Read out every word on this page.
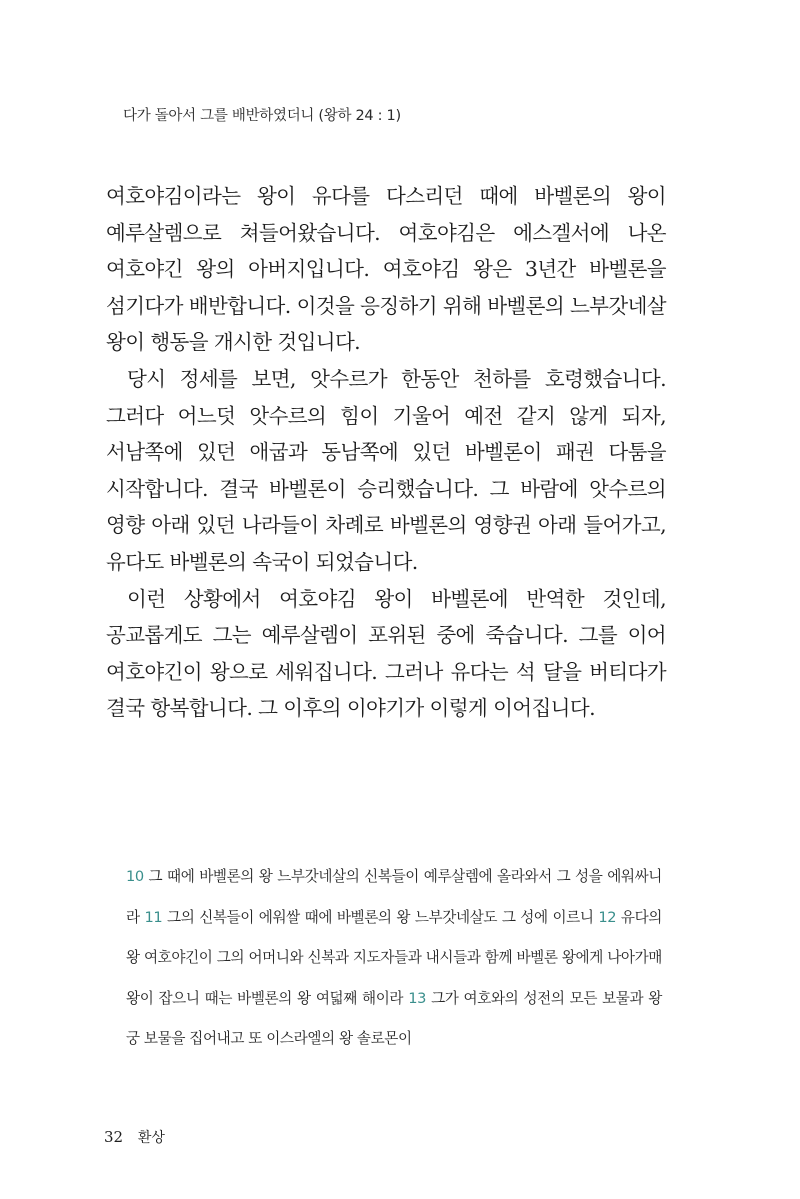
다가 돌아서 그를 배반하였더니 (왕하 24 : 1)

여호야김이라는 왕이 유다를 다스리던 때에 바벨론의 왕이 예루살렘으로 쳐들어왔습니다. 여호야김은 에스겔서에 나온 여호야긴 왕의 아버지입니다. 여호야김 왕은 3년간 바벨론을 섬기다가 배반합니다. 이것을 응징하기 위해 바벨론의 느부갓네살 왕이 행동을 개시한 것입니다.

당시 정세를 보면, 앗수르가 한동안 천하를 호령했습니다. 그러다 어느덧 앗수르의 힘이 기울어 예전 같지 않게 되자, 서남쪽에 있던 애굽과 동남쪽에 있던 바벨론이 패권 다툼을 시작합니다. 결국 바벨론이 승리했습니다. 그 바람에 앗수르의 영향 아래 있던 나라들이 차례로 바벨론의 영향권 아래 들어가고, 유다도 바벨론의 속국이 되었습니다.

이런 상황에서 여호야김 왕이 바벨론에 반역한 것인데, 공교롭게도 그는 예루살렘이 포위된 중에 죽습니다. 그를 이어 여호야긴이 왕으로 세워집니다. 그러나 유다는 석 달을 버티다가 결국 항복합니다. 그 이후의 이야기가 이렇게 이어집니다.

10 그 때에 바벨론의 왕 느부갓네살의 신복들이 예루살렘에 올라와서 그 성을 에워싸니라 11 그의 신복들이 에워쌀 때에 바벨론의 왕 느부갓네살도 그 성에 이르니 12 유다의 왕 여호야긴이 그의 어머니와 신복과 지도자들과 내시들과 함께 바벨론 왕에게 나아가매 왕이 잡으니 때는 바벨론의 왕 여덟째 해이라 13 그가 여호와의 성전의 모든 보물과 왕궁 보물을 집어내고 또 이스라엘의 왕 솔로몬이
32 환상
